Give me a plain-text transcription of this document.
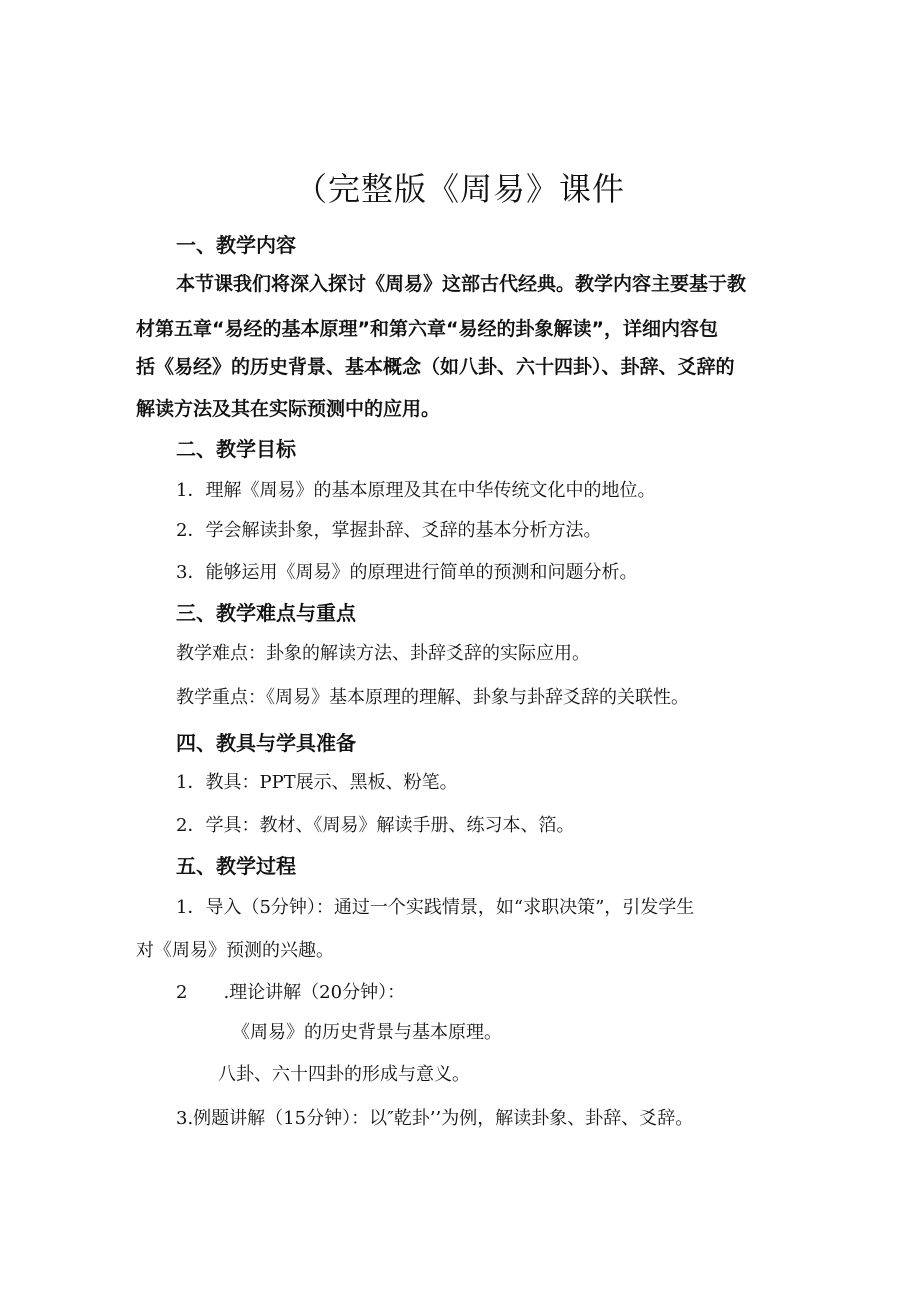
（完整版《周易》课件

一、教学内容

本节课我们将深入探讨《周易》这部古代经典。教学内容主要基于教

材第五章“易经的基本原理”和第六章“易经的卦象解读”，详细内容包

括《易经》的历史背景、基本概念（如八卦、六十四卦）、卦辞、爻辞的

解读方法及其在实际预测中的应用。

二、教学目标

1．理解《周易》的基本原理及其在中华传统文化中的地位。

2．学会解读卦象，掌握卦辞、爻辞的基本分析方法。

3．能够运用《周易》的原理进行简单的预测和问题分析。

三、教学难点与重点

教学难点：卦象的解读方法、卦辞爻辞的实际应用。

教学重点：《周易》基本原理的理解、卦象与卦辞爻辞的关联性。

四、教具与学具准备

1．教具：PPT展示、黑板、粉笔。

2．学具：教材、《周易》解读手册、练习本、箔。

五、教学过程

1．导入（5分钟）：通过一个实践情景，如“求职决策”，引发学生

对《周易》预测的兴趣。

2　　.理论讲解（20分钟）：

《周易》的历史背景与基本原理。

八卦、六十四卦的形成与意义。

3.例题讲解（15分钟）：以″乾卦’’为例，解读卦象、卦辞、爻辞。
